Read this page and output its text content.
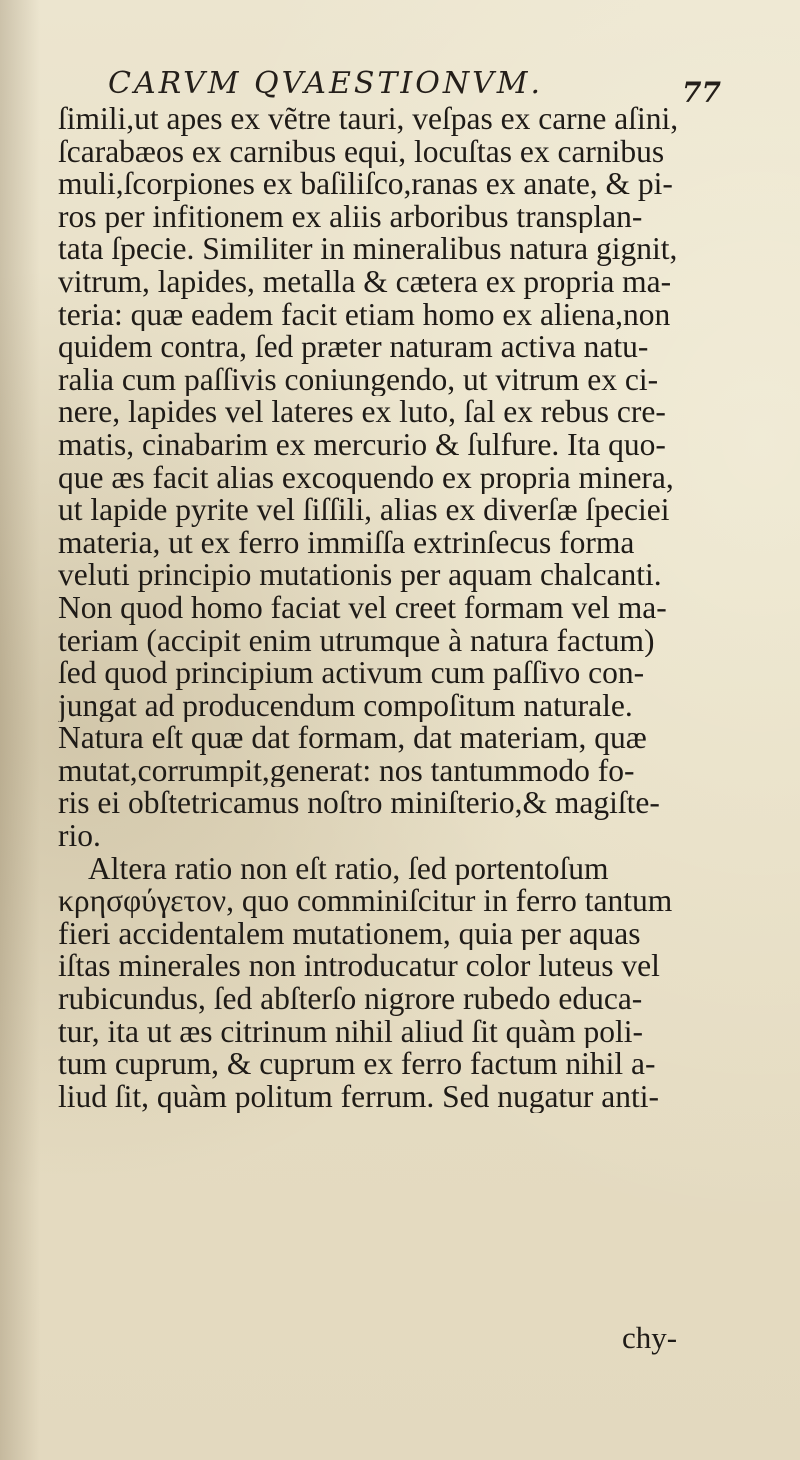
CARVM QVAESTIONVM.	77
ſimili,ut apes ex vẽtre tauri, veſpas ex carne aſini,
ſcarabæos ex carnibus equi, locuſtas ex carnibus
muli,ſcorpiones ex baſiliſco,ranas ex anate, & pi-
ros per infitionem ex aliis arboribus transplan-
tata ſpecie. Similiter in mineralibus natura gignit,
vitrum, lapides, metalla & cætera ex propria ma-
teria: quæ eadem facit etiam homo ex aliena,non
quidem contra, ſed præter naturam activa natu-
ralia cum paſſivis coniungendo, ut vitrum ex ci-
nere, lapides vel lateres ex luto, ſal ex rebus cre-
matis, cinabarim ex mercurio & ſulfure. Ita quo-
que æs facit alias excoquendo ex propria minera,
ut lapide pyrite vel ſiſſili, alias ex diverſæ ſpeciei
materia, ut ex ferro immiſſa extrinſecus forma
veluti principio mutationis per aquam chalcanti.
Non quod homo faciat vel creet formam vel ma-
teriam (accipit enim utrumque à natura factum)
ſed quod principium activum cum paſſivo con-
jungat ad producendum compoſitum naturale.
Natura eſt quæ dat formam, dat materiam, quæ
mutat,corrumpit,generat: nos tantummodo fo-
ris ei obſtetricamus noſtro miniſterio,& magiſte-
rio.
Altera ratio non eſt ratio, ſed portentoſum
κρησφύγετον, quo comminiſcitur in ferro tantum
fieri accidentalem mutationem, quia per aquas
iſtas minerales non introducatur color luteus vel
rubicundus, ſed abſterſo nigrore rubedo educa-
tur, ita ut æs citrinum nihil aliud ſit quàm poli-
tum cuprum, & cuprum ex ferro factum nihil a-
liud ſit, quàm politum ferrum. Sed nugatur anti-
chy-
